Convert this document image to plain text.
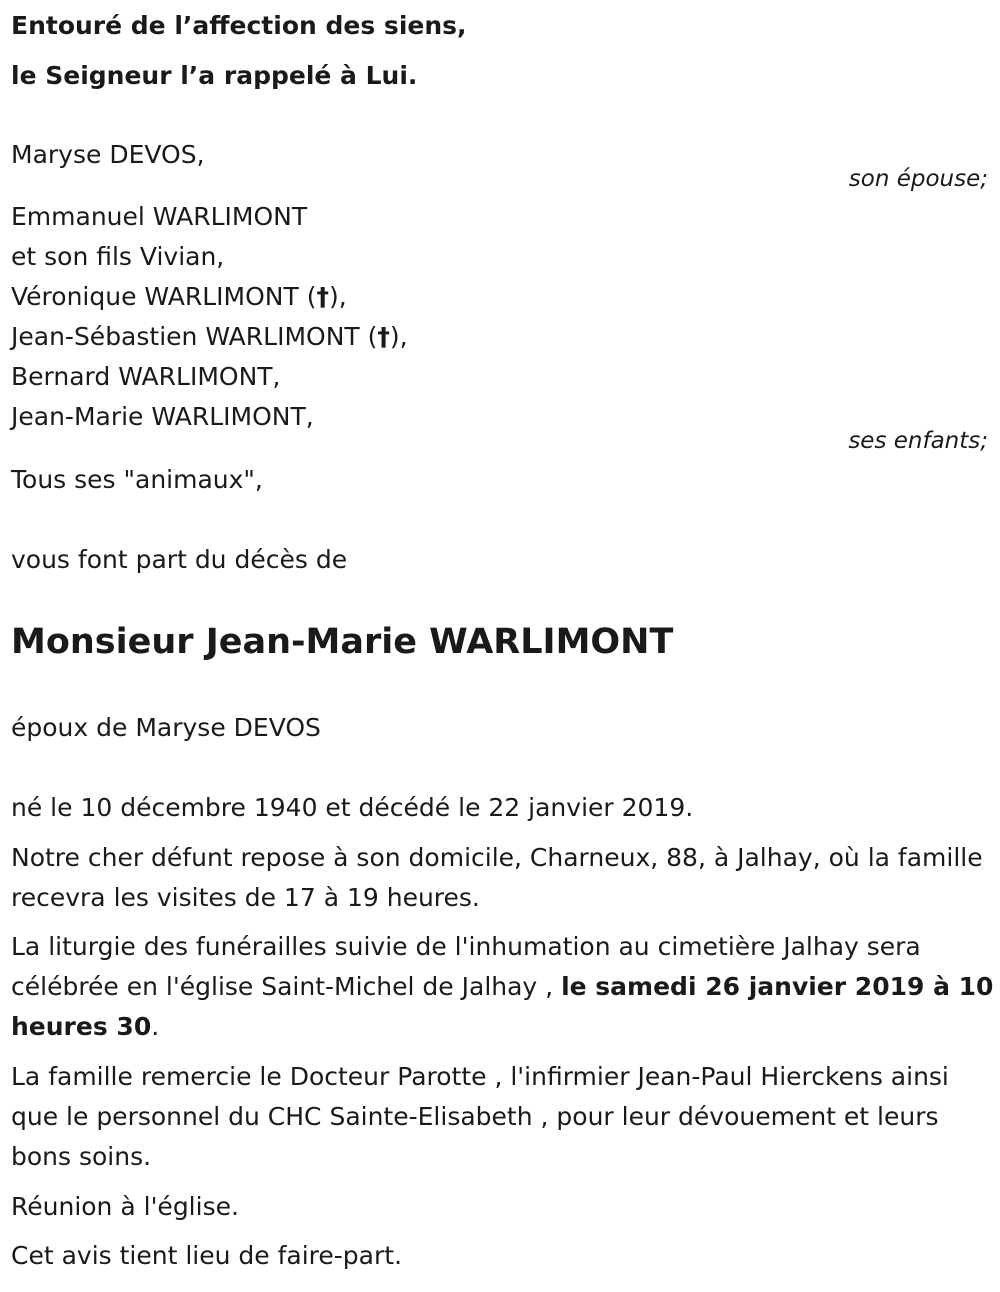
Entouré de l’affection des siens,
le Seigneur l’a rappelé à Lui.
Maryse DEVOS,
son épouse;
Emmanuel WARLIMONT
et son fils Vivian,
Véronique WARLIMONT (†),
Jean-Sébastien WARLIMONT (†),
Bernard WARLIMONT,
Jean-Marie WARLIMONT,
ses enfants;
Tous ses "animaux",
vous font part du décès de
Monsieur Jean-Marie WARLIMONT
époux de Maryse DEVOS
né le 10 décembre 1940 et décédé le 22 janvier 2019.
Notre cher défunt repose à son domicile, Charneux, 88, à Jalhay, où la famille recevra les visites de 17 à 19 heures.
La liturgie des funérailles suivie de l'inhumation au cimetière Jalhay sera célébrée en l'église Saint-Michel de Jalhay , le samedi 26 janvier 2019 à 10 heures 30.
La famille remercie le Docteur Parotte , l'infirmier Jean-Paul Hierckens ainsi que le personnel du CHC Sainte-Elisabeth , pour leur dévouement et leurs bons soins.
Réunion à l'église.
Cet avis tient lieu de faire-part.
